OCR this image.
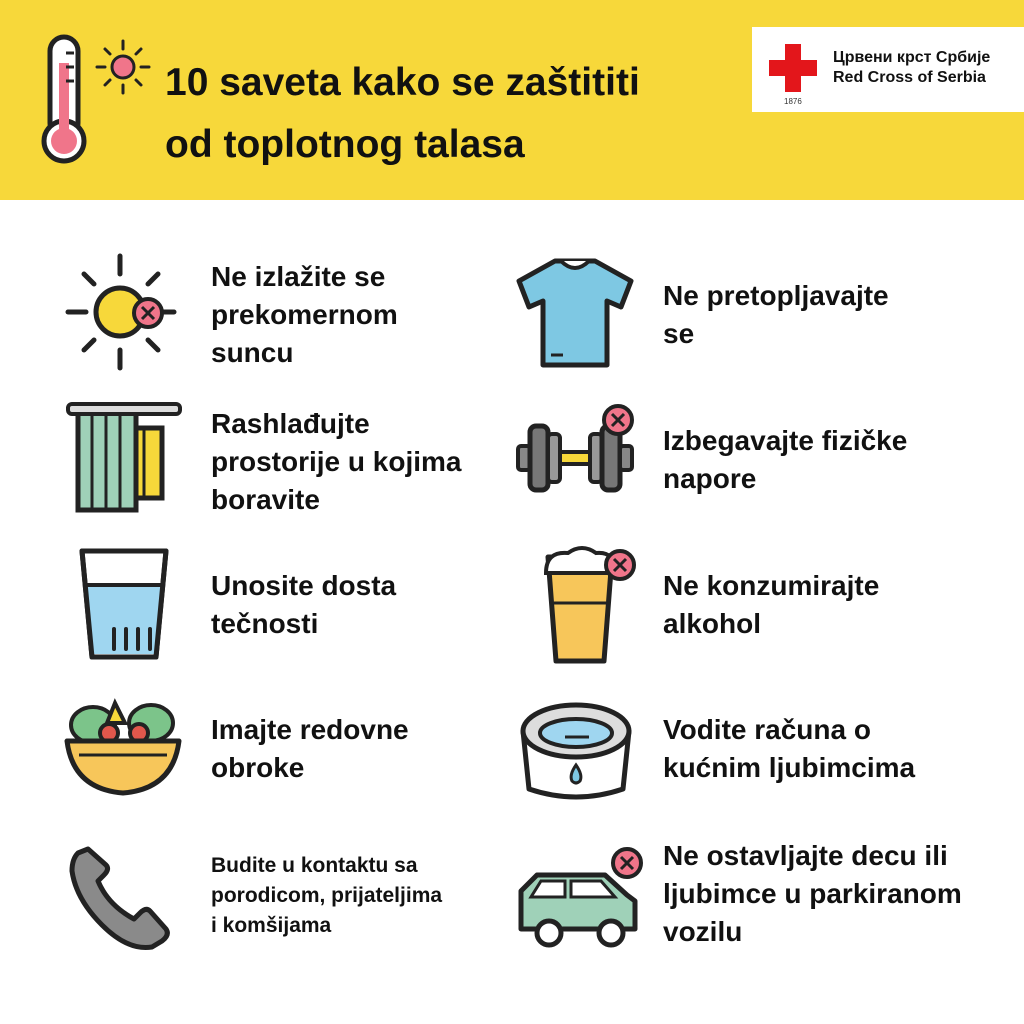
10 saveta kako se zaštititi
od toplotnog talasa
1876
Црвени крст Србије
Red Cross of Serbia
Ne izlažite se
prekomernom
suncu
Ne pretopljavajte
se
Rashlađujte
prostorije u kojima
boravite
Izbegavajte fizičke
napore
Unosite dosta
tečnosti
Ne konzumirajte
alkohol
Imajte redovne
obroke
Vodite računa o
kućnim ljubimcima
Budite u kontaktu sa
porodicom, prijateljima
i komšijama
Ne ostavljajte decu ili
ljubimce u parkiranom
vozilu
